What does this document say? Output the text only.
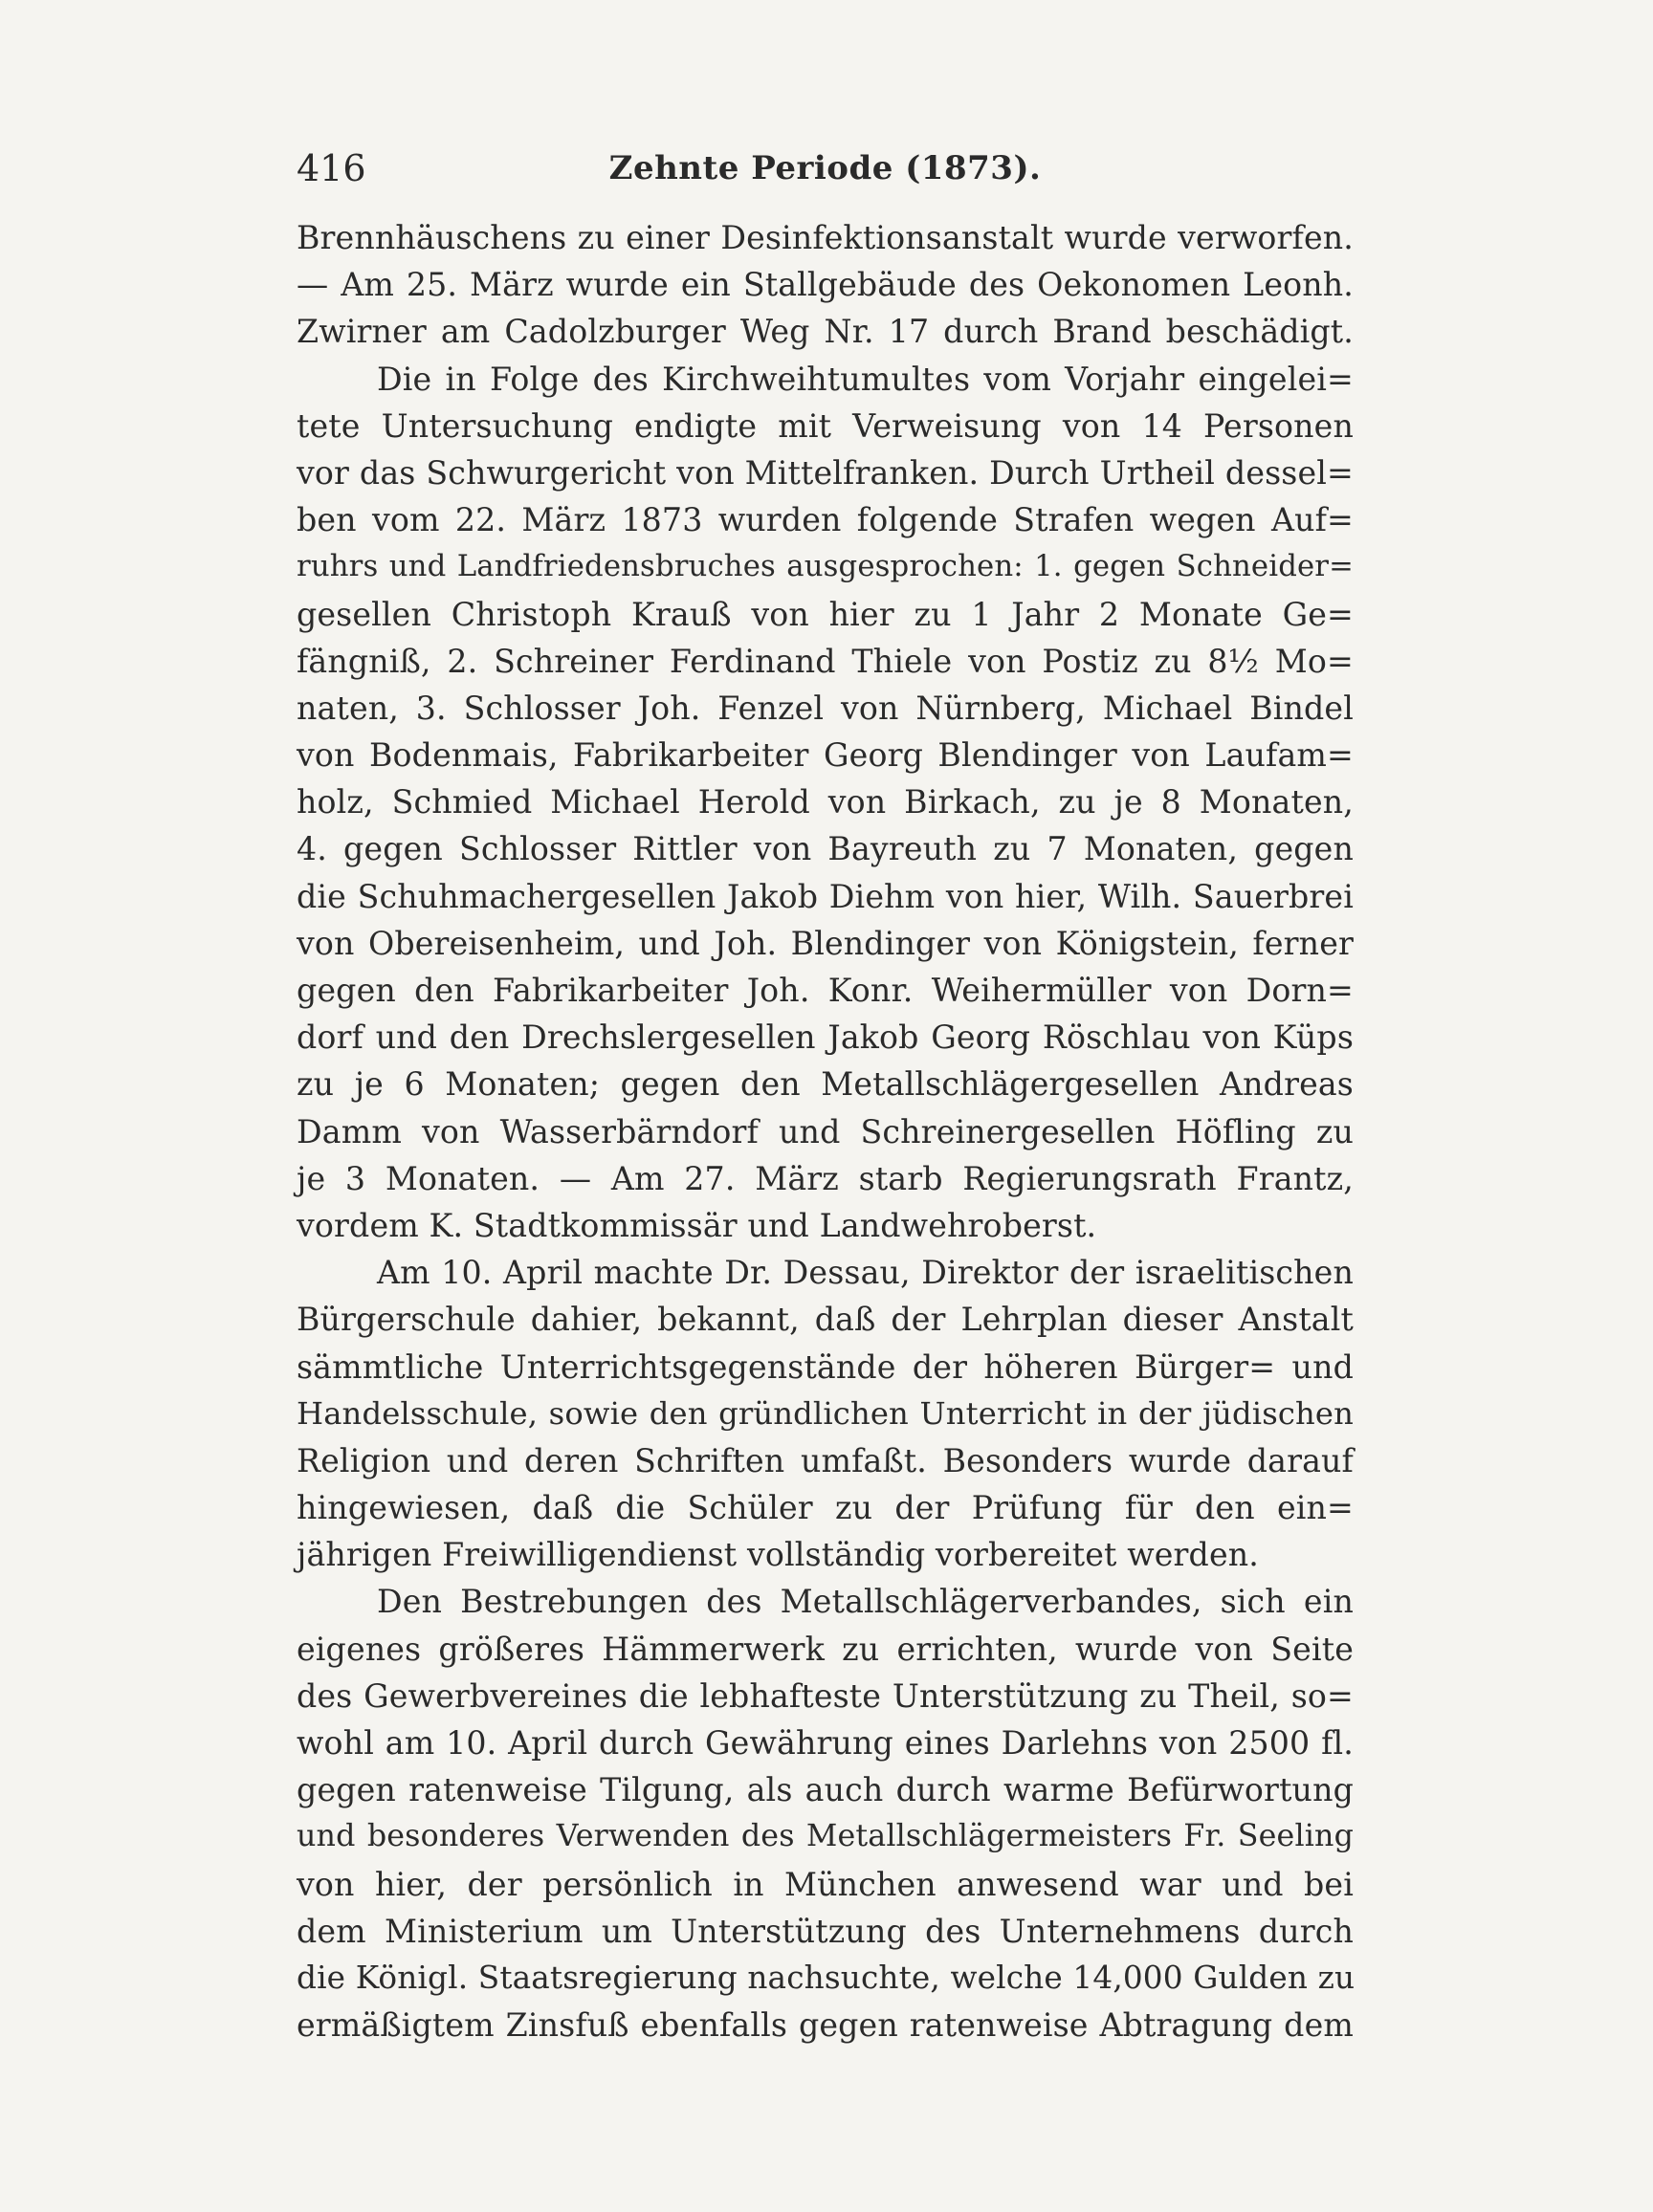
416	Zehnte Periode (1873).
Brennhäuschens zu einer Desinfektionsanstalt wurde verworfen.
— Am 25. März wurde ein Stallgebäude des Oekonomen Leonh.
Zwirner am Cadolzburger Weg Nr. 17 durch Brand beschädigt.
Die in Folge des Kirchweihtumultes vom Vorjahr eingelei=
tete Untersuchung endigte mit Verweisung von 14 Personen
vor das Schwurgericht von Mittelfranken. Durch Urtheil dessel=
ben vom 22. März 1873 wurden folgende Strafen wegen Auf=
ruhrs und Landfriedensbruches ausgesprochen: 1. gegen Schneider=
gesellen Christoph Krauß von hier zu 1 Jahr 2 Monate Ge=
fängniß, 2. Schreiner Ferdinand Thiele von Postiz zu 8½ Mo=
naten, 3. Schlosser Joh. Fenzel von Nürnberg, Michael Bindel
von Bodenmais, Fabrikarbeiter Georg Blendinger von Laufam=
holz, Schmied Michael Herold von Birkach, zu je 8 Monaten,
4. gegen Schlosser Rittler von Bayreuth zu 7 Monaten, gegen
die Schuhmachergesellen Jakob Diehm von hier, Wilh. Sauerbrei
von Obereisenheim, und Joh. Blendinger von Königstein, ferner
gegen den Fabrikarbeiter Joh. Konr. Weihermüller von Dorn=
dorf und den Drechslergesellen Jakob Georg Röschlau von Küps
zu je 6 Monaten; gegen den Metallschlägergesellen Andreas
Damm von Wasserbärndorf und Schreinergesellen Höfling zu
je 3 Monaten. — Am 27. März starb Regierungsrath Frantz,
vordem K. Stadtkommissär und Landwehroberst.
Am 10. April machte Dr. Dessau, Direktor der israelitischen
Bürgerschule dahier, bekannt, daß der Lehrplan dieser Anstalt
sämmtliche Unterrichtsgegenstände der höheren Bürger= und
Handelsschule, sowie den gründlichen Unterricht in der jüdischen
Religion und deren Schriften umfaßt. Besonders wurde darauf
hingewiesen, daß die Schüler zu der Prüfung für den ein=
jährigen Freiwilligendienst vollständig vorbereitet werden.
Den Bestrebungen des Metallschlägerverbandes, sich ein
eigenes größeres Hämmerwerk zu errichten, wurde von Seite
des Gewerbvereines die lebhafteste Unterstützung zu Theil, so=
wohl am 10. April durch Gewährung eines Darlehns von 2500 fl.
gegen ratenweise Tilgung, als auch durch warme Befürwortung
und besonderes Verwenden des Metallschlägermeisters Fr. Seeling
von hier, der persönlich in München anwesend war und bei
dem Ministerium um Unterstützung des Unternehmens durch
die Königl. Staatsregierung nachsuchte, welche 14,000 Gulden zu
ermäßigtem Zinsfuß ebenfalls gegen ratenweise Abtragung dem
